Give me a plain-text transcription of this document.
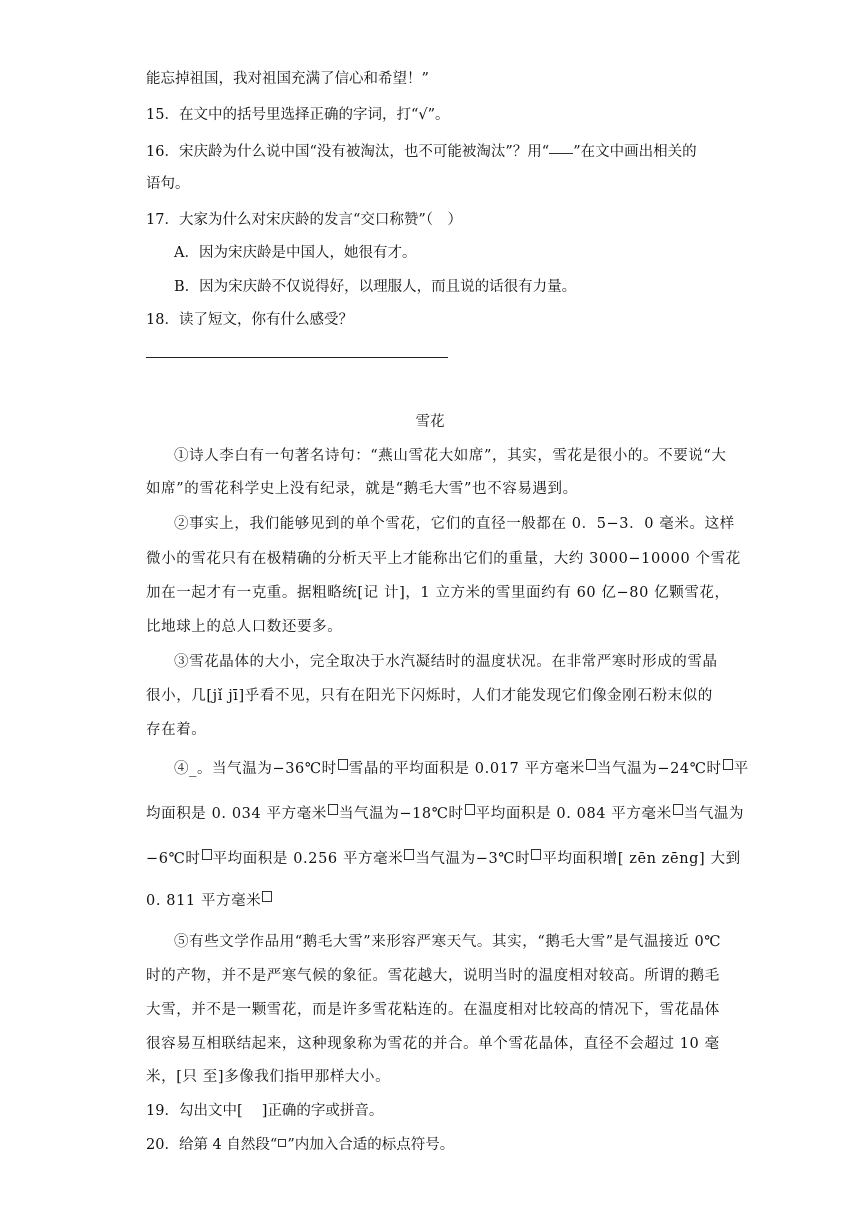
能忘掉祖国，我对祖国充满了信心和希望！”
15．在文中的括号里选择正确的字词，打“√”。
16．宋庆龄为什么说中国“没有被淘汰，也不可能被淘汰”？用“ ”在文中画出相关的
语句。
17．大家为什么对宋庆龄的发言“交口称赞”（　）
A．因为宋庆龄是中国人，她很有才。
B．因为宋庆龄不仅说得好，以理服人，而且说的话很有力量。
18．读了短文，你有什么感受？
雪花
①诗人李白有一句著名诗句：“燕山雪花大如席”，其实，雪花是很小的。不要说“大
如席”的雪花科学史上没有纪录，就是“鹅毛大雪”也不容易遇到。
②事实上，我们能够见到的单个雪花，它们的直径一般都在 0．5−3．0 毫米。这样
微小的雪花只有在极精确的分析天平上才能称出它们的重量，大约 3000−10000 个雪花
加在一起才有一克重。据粗略统[记 计]，1 立方米的雪里面约有 60 亿−80 亿颗雪花，
比地球上的总人口数还要多。
③雪花晶体的大小，完全取决于水汽凝结时的温度状况。在非常严寒时形成的雪晶
很小，几[jǐ jī]乎看不见，只有在阳光下闪烁时，人们才能发现它们像金刚石粉末似的
存在着。
④_。当气温为−36℃时 雪晶的平均面积是 0.017 平方毫米 当气温为−24℃时 平
均面积是 0. 034 平方毫米 当气温为−18℃时 平均面积是 0. 084 平方毫米 当气温为
−6℃时 平均面积是 0.256 平方毫米 当气温为−3℃时 平均面积增[ zēn zēng] 大到
0. 811 平方毫米
⑤有些文学作品用“鹅毛大雪”来形容严寒天气。其实，“鹅毛大雪”是气温接近 0℃
时的产物，并不是严寒气候的象征。雪花越大，说明当时的温度相对较高。所谓的鹅毛
大雪，并不是一颗雪花，而是许多雪花粘连的。在温度相对比较高的情况下，雪花晶体
很容易互相联结起来，这种现象称为雪花的并合。单个雪花晶体，直径不会超过 10 毫
米，[只 至]多像我们指甲那样大小。
19．勾出文中[　 ]正确的字或拼音。
20．给第 4 自然段“ ”内加入合适的标点符号。
